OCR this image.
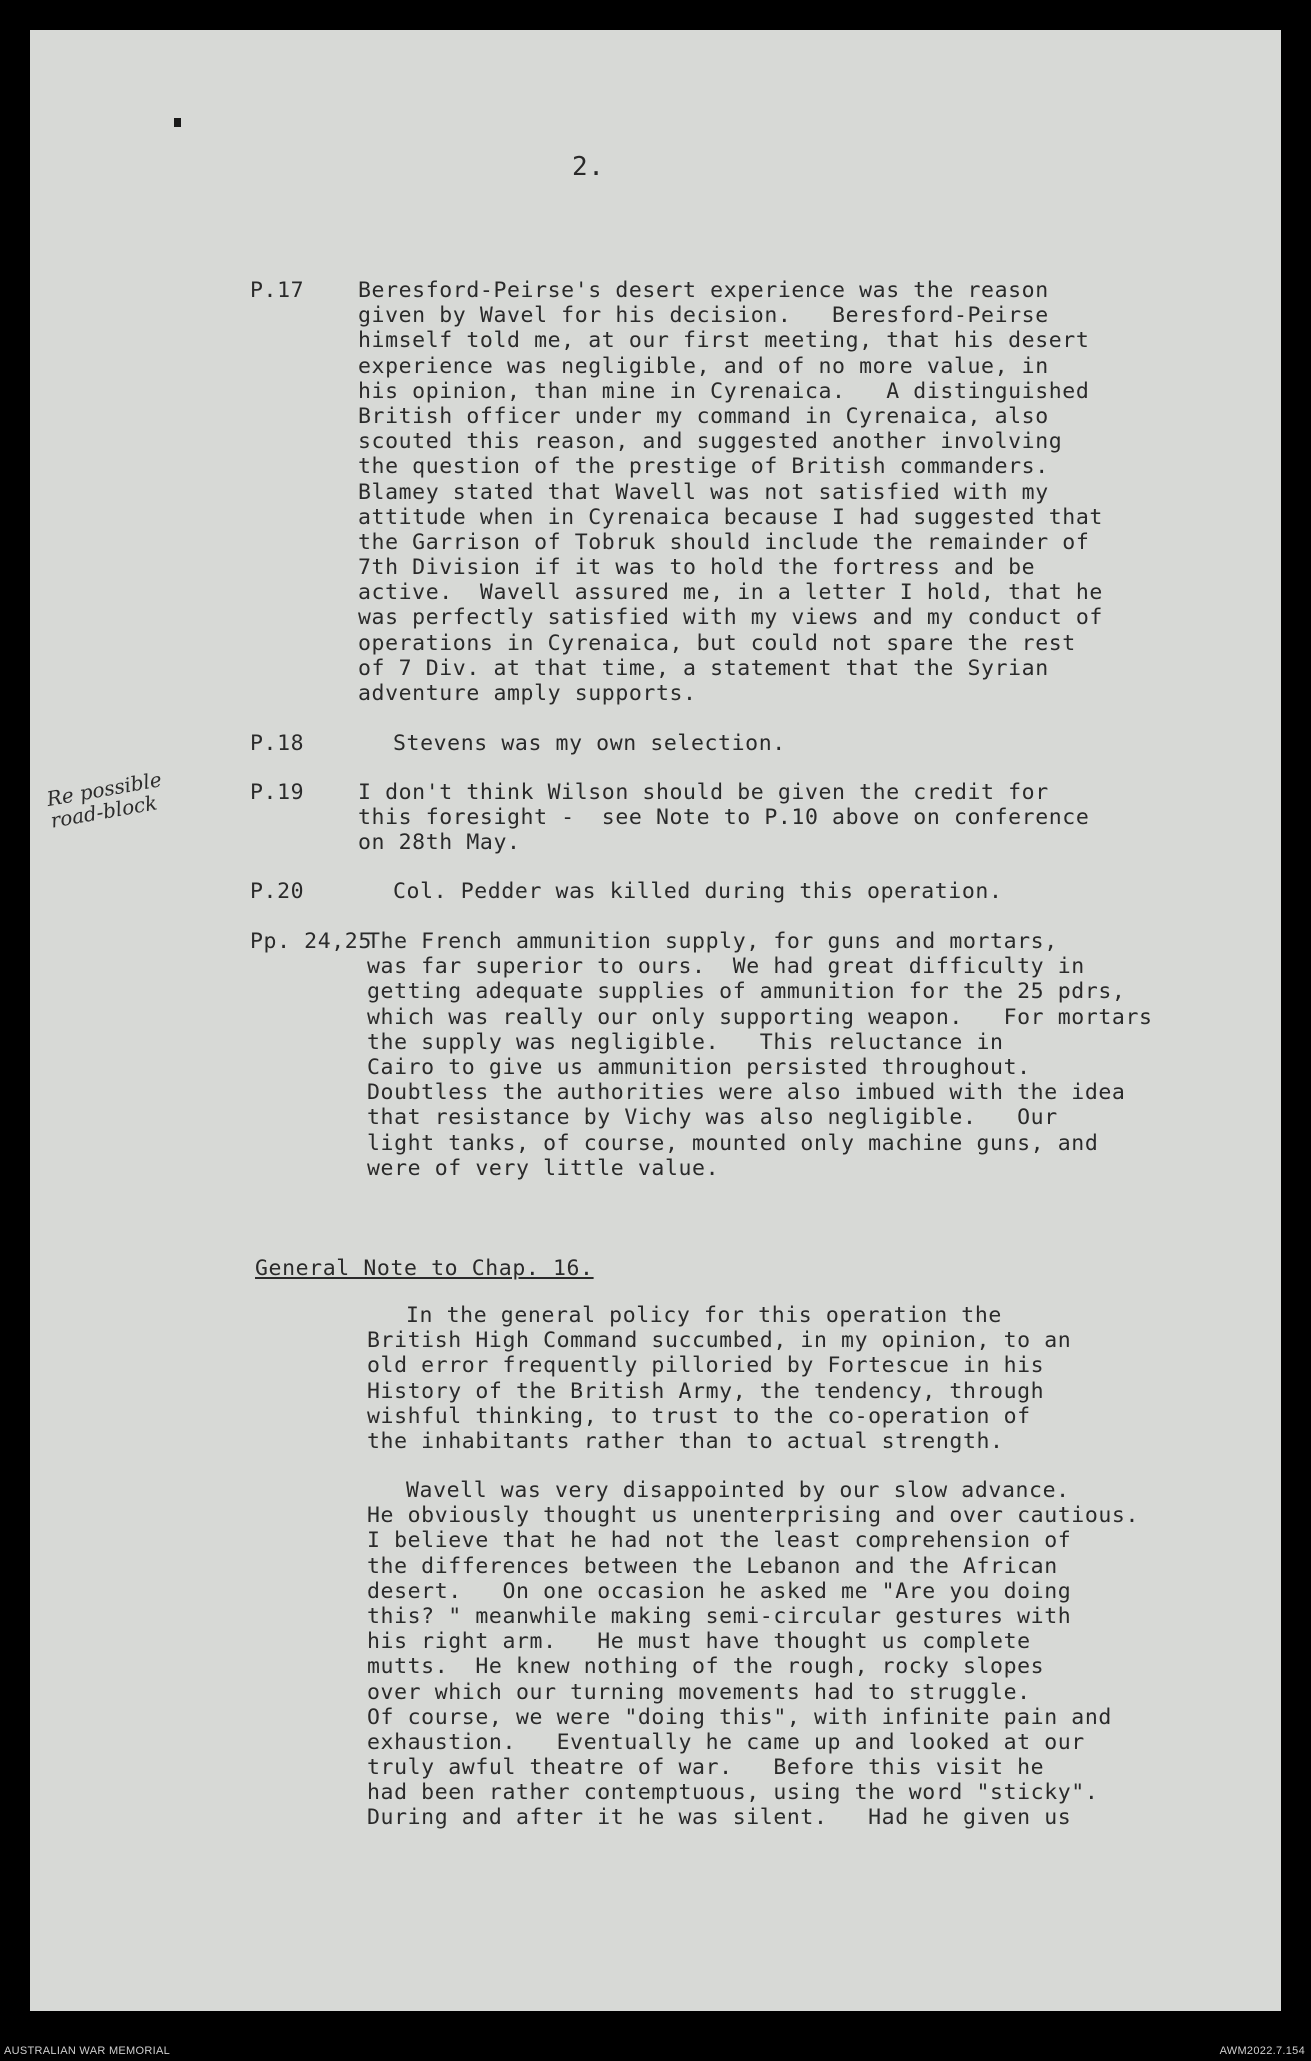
2.
P.17	Beresford-Peirse's desert experience was the reason
given by Wavel for his decision.   Beresford-Peirse
himself told me, at our first meeting, that his desert
experience was negligible, and of no more value, in
his opinion, than mine in Cyrenaica.   A distinguished
British officer under my command in Cyrenaica, also
scouted this reason, and suggested another involving
the question of the prestige of British commanders.
Blamey stated that Wavell was not satisfied with my
attitude when in Cyrenaica because I had suggested that
the Garrison of Tobruk should include the remainder of
7th Division if it was to hold the fortress and be
active.  Wavell assured me, in a letter I hold, that he
was perfectly satisfied with my views and my conduct of
operations in Cyrenaica, but could not spare the rest
of 7 Div. at that time, a statement that the Syrian
adventure amply supports.
P.18	Stevens was my own selection.
Re possible
road-block	P.19	I don't think Wilson should be given the credit for
this foresight -  see Note to P.10 above on conference
on 28th May.
P.20	Col. Pedder was killed during this operation.
Pp. 24,25
The French ammunition supply, for guns and mortars,
was far superior to ours.  We had great difficulty in
getting adequate supplies of ammunition for the 25 pdrs,
which was really our only supporting weapon.   For mortars
the supply was negligible.   This reluctance in
Cairo to give us ammunition persisted throughout.
Doubtless the authorities were also imbued with the idea
that resistance by Vichy was also negligible.   Our
light tanks, of course, mounted only machine guns, and
were of very little value.
General Note to Chap. 16.
In the general policy for this operation the
British High Command succumbed, in my opinion, to an
old error frequently pilloried by Fortescue in his
History of the British Army, the tendency, through
wishful thinking, to trust to the co-operation of
the inhabitants rather than to actual strength.
Wavell was very disappointed by our slow advance.
He obviously thought us unenterprising and over cautious.
I believe that he had not the least comprehension of
the differences between the Lebanon and the African
desert.   On one occasion he asked me "Are you doing
this? " meanwhile making semi-circular gestures with
his right arm.   He must have thought us complete
mutts.  He knew nothing of the rough, rocky slopes
over which our turning movements had to struggle.
Of course, we were "doing this", with infinite pain and
exhaustion.   Eventually he came up and looked at our
truly awful theatre of war.   Before this visit he
had been rather contemptuous, using the word "sticky".
During and after it he was silent.   Had he given us
AUSTRALIAN WAR MEMORIAL	AWM2022.7.154
